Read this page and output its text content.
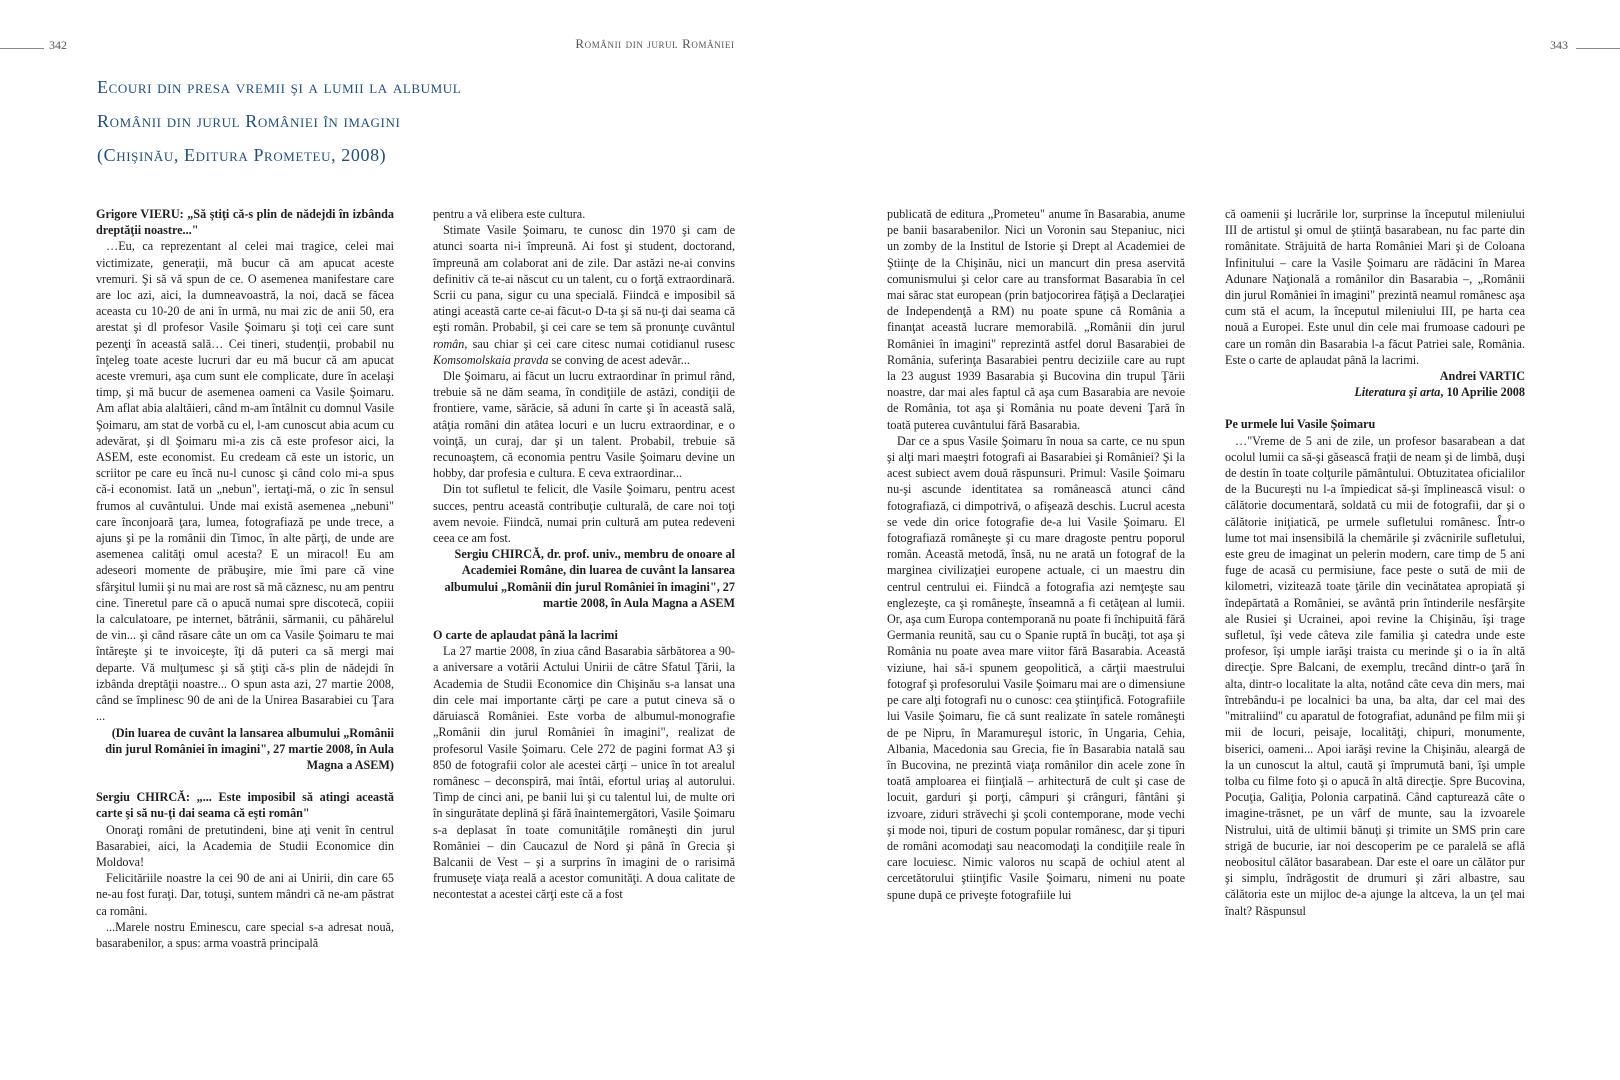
342	Românii din jurul României	343
Ecouri din presa vremii şi a lumii la albumul
Românii din jurul României în imagini
(Chişinău, Editura Prometeu, 2008)

Grigore VIERU: „Să ştiţi că-s plin de nădejdi în izbânda dreptăţii noastre..."

…Eu, ca reprezentant al celei mai tragice, celei mai victimizate, generaţii, mă bucur că am apucat aceste vremuri. Şi să vă spun de ce. O asemenea manifestare care are loc azi, aici, la dumneavoastră, la noi, dacă se făcea aceasta cu 10-20 de ani în urmă, nu mai zic de anii 50, era arestat şi dl profesor Vasile Şoimaru şi toţi cei care sunt pezenţi în această sală… Cei tineri, studenţii, probabil nu înţeleg toate aceste lucruri dar eu mă bucur că am apucat aceste vremuri, aşa cum sunt ele complicate, dure în acelaşi timp, şi mă bucur de asemenea oameni ca Vasile Şoimaru. Am aflat abia alaltăieri, când m-am întâlnit cu domnul Vasile Şoimaru, am stat de vorbă cu el, l-am cunoscut abia acum cu adevărat, şi dl Şoimaru mi-a zis că este profesor aici, la ASEM, este economist. Eu credeam că este un istoric, un scriitor pe care eu încă nu-l cunosc şi când colo mi-a spus că-i economist. Iată un „nebun", iertaţi-mă, o zic în sensul frumos al cuvântului. Unde mai există asemenea „nebuni" care înconjoară ţara, lumea, fotografiază pe unde trece, a ajuns şi pe la românii din Timoc, în alte părţi, de unde are asemenea calităţi omul acesta? E un miracol! Eu am adeseori momente de prăbuşire, mie îmi pare că vine sfârşitul lumii şi nu mai are rost să mă căznesc, nu am pentru cine. Tineretul pare că o apucă numai spre discotecă, copiii la calculatoare, pe internet, bătrânii, sărmanii, cu păhărelul de vin... şi când răsare câte un om ca Vasile Şoimaru te mai întăreşte şi te invoiceşte, îţi dă puteri ca să mergi mai departe. Vă mulţumesc şi să ştiţi că-s plin de nădejdi în izbânda dreptăţii noastre... O spun asta azi, 27 martie 2008, când se împlinesc 90 de ani de la Unirea Basarabiei cu Ţara ...

(Din luarea de cuvânt la lansarea albumului „Românii din jurul României în imagini", 27 martie 2008, în Aula Magna a ASEM)

Sergiu CHIRCĂ: „... Este imposibil să atingi această carte şi să nu-ţi dai seama că eşti român"

Onoraţi români de pretutindeni, bine aţi venit în centrul Basarabiei, aici, la Academia de Studii Economice din Moldova!

Felicităriile noastre la cei 90 de ani ai Unirii, din care 65 ne-au fost furaţi. Dar, totuşi, suntem mândri că ne-am păstrat ca români.

...Marele nostru Eminescu, care special s-a adresat nouă, basarabenilor, a spus: arma voastră principală

pentru a vă elibera este cultura.

Stimate Vasile Şoimaru, te cunosc din 1970 şi cam de atunci soarta ni-i împreună. Ai fost şi student, doctorand, împreună am colaborat ani de zile. Dar astăzi ne-ai convins definitiv că te-ai născut cu un talent, cu o forţă extraordinară. Scrii cu pana, sigur cu una specială. Fiindcă e imposibil să atingi această carte ce-ai făcut-o D-ta şi să nu-ţi dai seama că eşti român. Probabil, şi cei care se tem să pronunţe cuvântul român, sau chiar şi cei care citesc numai cotidianul rusesc Komsomolskaia pravda se conving de acest adevăr...

Dle Şoimaru, ai făcut un lucru extraordinar în primul rând, trebuie să ne dăm seama, în condiţiile de astăzi, condiţii de frontiere, vame, sărăcie, să aduni în carte şi în această sală, atâţia români din atâtea locuri e un lucru extraordinar, e o voinţă, un curaj, dar şi un talent. Probabil, trebuie să recunoaştem, că economia pentru Vasile Şoimaru devine un hobby, dar profesia e cultura. E ceva extraordinar...

Din tot sufletul te felicit, dle Vasile Şoimaru, pentru acest succes, pentru această contribuţie culturală, de care noi toţi avem nevoie. Fiindcă, numai prin cultură am putea redeveni ceea ce am fost.

Sergiu CHIRCĂ, dr. prof. univ., membru de onoare al Academiei Române, din luarea de cuvânt la lansarea albumului „Românii din jurul României în imagini", 27 martie 2008, în Aula Magna a ASEM

O carte de aplaudat până la lacrimi

La 27 martie 2008, în ziua când Basarabia sărbătorea a 90-a aniversare a votării Actului Unirii de către Sfatul Ţării, la Academia de Studii Economice din Chişinău s-a lansat una din cele mai importante cărţi pe care a putut cineva să o dăruiască României. Este vorba de albumul-monografie „Românii din jurul României în imagini", realizat de profesorul Vasile Şoimaru. Cele 272 de pagini format A3 şi 850 de fotografii color ale acestei cărţi – unice în tot arealul românesc – deconspiră, mai întâi, efortul uriaş al autorului. Timp de cinci ani, pe banii lui şi cu talentul lui, de multe ori în singurătate deplină şi fără înaintemergători, Vasile Şoimaru s-a deplasat în toate comunităţile româneşti din jurul României – din Caucazul de Nord şi până în Grecia şi Balcanii de Vest – şi a surprins în imagini de o rarisimă frumuseţe viaţa reală a acestor comunităţi. A doua calitate de necontestat a acestei cărţi este că a fost

publicată de editura „Prometeu" anume în Basarabia, anume pe banii basarabenilor. Nici un Voronin sau Stepaniuc, nici un zomby de la Institul de Istorie şi Drept al Academiei de Ştiinţe de la Chişinău, nici un mancurt din presa aservită comunismului şi celor care au transformat Basarabia în cel mai sărac stat european (prin batjocorirea făţişă a Declaraţiei de Independenţă a RM) nu poate spune că România a finanţat această lucrare memorabilă. „Românii din jurul României în imagini" reprezintă astfel dorul Basarabiei de România, suferinţa Basarabiei pentru deciziile care au rupt la 23 august 1939 Basarabia şi Bucovina din trupul Ţării noastre, dar mai ales faptul că aşa cum Basarabia are nevoie de România, tot aşa şi România nu poate deveni Ţară în toată puterea cuvântului fără Basarabia.

Dar ce a spus Vasile Şoimaru în noua sa carte, ce nu spun şi alţi mari maeştri fotografi ai Basarabiei şi României? Şi la acest subiect avem două răspunsuri. Primul: Vasile Şoimaru nu-şi ascunde identitatea sa românească atunci când fotografiază, ci dimpotrivă, o afişează deschis. Lucrul acesta se vede din orice fotografie de-a lui Vasile Şoimaru. El fotografiază româneşte şi cu mare dragoste pentru poporul român. Această metodă, însă, nu ne arată un fotograf de la marginea civilizaţiei europene actuale, ci un maestru din centrul centrului ei. Fiindcă a fotografia azi nemţeşte sau englezeşte, ca şi româneşte, înseamnă a fi cetăţean al lumii. Or, aşa cum Europa contemporană nu poate fi închipuită fără Germania reunită, sau cu o Spanie ruptă în bucăţi, tot aşa şi România nu poate avea mare viitor fără Basarabia. Această viziune, hai să-i spunem geopolitică, a cărţii maestrului fotograf şi profesorului Vasile Şoimaru mai are o dimensiune pe care alţi fotografi nu o cunosc: cea ştiinţifică. Fotografiile lui Vasile Şoimaru, fie că sunt realizate în satele româneşti de pe Nipru, în Maramureşul istoric, în Ungaria, Cehia, Albania, Macedonia sau Grecia, fie în Basarabia natală sau în Bucovina, ne prezintă viaţa românilor din acele zone în toată amploarea ei fiinţială – arhitectură de cult şi case de locuit, garduri şi porţi, câmpuri şi crânguri, fântâni şi izvoare, ziduri străvechi şi şcoli contemporane, mode vechi şi mode noi, tipuri de costum popular românesc, dar şi tipuri de români acomodaţi sau neacomodaţi la condiţiile reale în care locuiesc. Nimic valoros nu scapă de ochiul atent al cercetătorului ştiinţific Vasile Şoimaru, nimeni nu poate spune după ce priveşte fotografiile lui

că oamenii şi lucrările lor, surprinse la începutul mileniului III de artistul şi omul de ştiinţă basarabean, nu fac parte din românitate. Străjuită de harta României Mari şi de Coloana Infinitului – care la Vasile Şoimaru are rădăcini în Marea Adunare Naţională a românilor din Basarabia –, „Românii din jurul României în imagini" prezintă neamul românesc aşa cum stă el acum, la începutul mileniului III, pe harta cea nouă a Europei. Este unul din cele mai frumoase cadouri pe care un român din Basarabia l-a făcut Patriei sale, România. Este o carte de aplaudat până la lacrimi.

Andrei VARTIC

Literatura şi arta, 10 Aprilie 2008

Pe urmele lui Vasile Şoimaru

…"Vreme de 5 ani de zile, un profesor basarabean a dat ocolul lumii ca să-şi găsească fraţii de neam şi de limbă, duşi de destin în toate colţurile pământului. Obtuzitatea oficialilor de la Bucureşti nu l-a împiedicat să-şi împlinească visul: o călătorie documentară, soldată cu mii de fotografii, dar şi o călătorie iniţiatică, pe urmele sufletului românesc. Într-o lume tot mai insensibilă la chemările şi zvâcnirile sufletului, este greu de imaginat un pelerin modern, care timp de 5 ani fuge de acasă cu permisiune, face peste o sută de mii de kilometri, vizitează toate ţările din vecinătatea apropiată şi îndepărtată a României, se avântă prin întinderile nesfârşite ale Rusiei şi Ucrainei, apoi revine la Chişinău, îşi trage sufletul, îşi vede câteva zile familia şi catedra unde este profesor, îşi umple iarăşi traista cu merinde şi o ia în altă direcţie. Spre Balcani, de exemplu, trecând dintr-o ţară în alta, dintr-o localitate la alta, notând câte ceva din mers, mai întrebându-i pe localnici ba una, ba alta, dar cel mai des "mitraliind" cu aparatul de fotografiat, adunând pe film mii şi mii de locuri, peisaje, localităţi, chipuri, monumente, biserici, oameni... Apoi iarăşi revine la Chişinău, aleargă de la un cunoscut la altul, caută şi împrumută bani, îşi umple tolba cu filme foto şi o apucă în altă direcţie. Spre Bucovina, Pocuţia, Galiţia, Polonia carpatină. Când capturează câte o imagine-trăsnet, pe un vârf de munte, sau la izvoarele Nistrului, uită de ultimii bănuţi şi trimite un SMS prin care strigă de bucurie, iar noi descoperim pe ce paralelă se află neobositul călător basarabean. Dar este el oare un călător pur şi simplu, îndrăgostit de drumuri şi zări albastre, sau călătoria este un mijloc de-a ajunge la altceva, la un ţel mai înalt? Răspunsul
